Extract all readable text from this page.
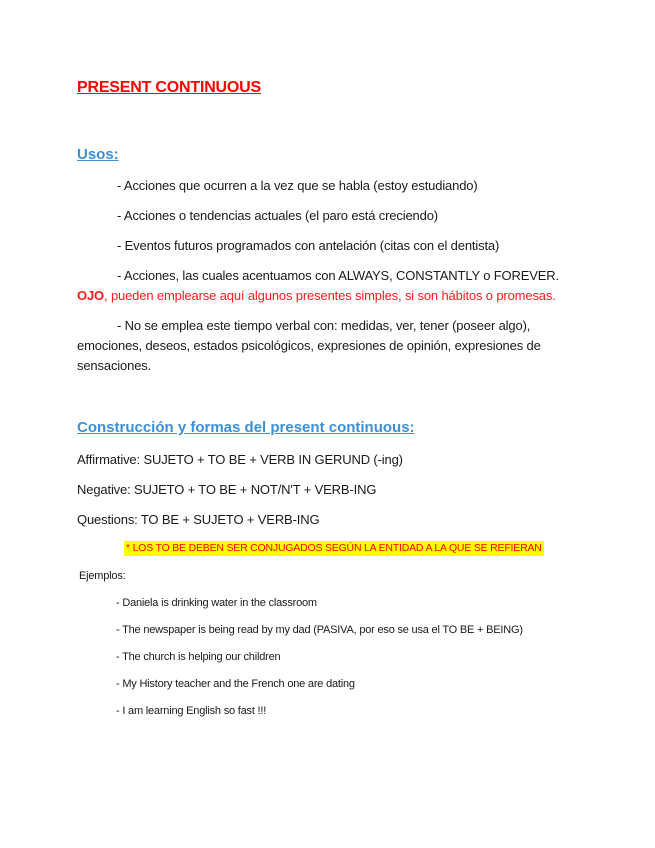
PRESENT CONTINUOUS
Usos:

- Acciones que ocurren a la vez que se habla (estoy estudiando)

- Acciones o tendencias actuales (el paro está creciendo)

- Eventos futuros programados con antelación (citas con el dentista)

- Acciones, las cuales acentuamos con ALWAYS, CONSTANTLY o FOREVER.
OJO, pueden emplearse aquí algunos presentes simples, si son hábitos o promesas.

- No se emplea este tiempo verbal con: medidas, ver, tener (poseer algo), emociones, deseos, estados psicológicos, expresiones de opinión, expresiones de sensaciones.

Construcción y formas del present continuous:

Affirmative: SUJETO + TO BE + VERB IN GERUND (-ing)

Negative: SUJETO + TO BE + NOT/N'T + VERB-ING

Questions: TO BE + SUJETO + VERB-ING

* LOS TO BE DEBEN SER CONJUGADOS SEGÚN LA ENTIDAD A LA QUE SE REFIERAN
Ejemplos:
- Daniela is drinking water in the classroom
- The newspaper is being read by my dad (PASIVA, por eso se usa el TO BE + BEING)
- The church is helping our children
- My History teacher and the French one are dating
- I am learning English so fast !!!
